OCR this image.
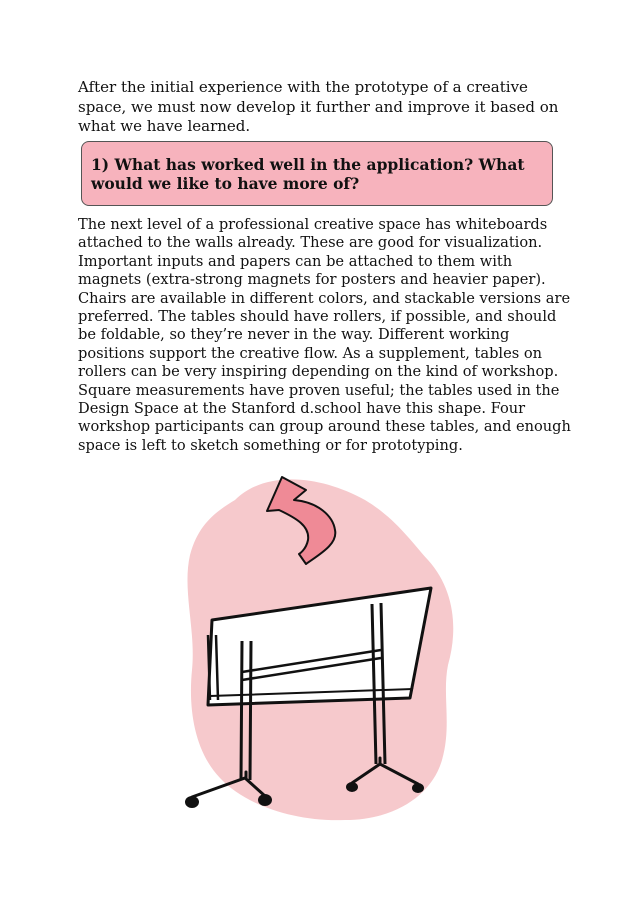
After the initial experience with the prototype of a creative space, we must now develop it further and improve it based on what we have learned.

1) What has worked well in the application? What would we like to have more of?

The next level of a professional creative space has whiteboards attached to the walls already. These are good for visualization. Important inputs and papers can be attached to them with magnets (extra-strong magnets for posters and heavier paper). Chairs are available in different colors, and stackable versions are preferred. The tables should have rollers, if possible, and should be foldable, so they’re never in the way. Different working positions support the creative flow. As a supplement, tables on rollers can be very inspiring depending on the kind of workshop. Square measurements have proven useful; the tables used in the Design Space at the Stanford d.school have this shape. Four workshop participants can group around these tables, and enough space is left to sketch something or for prototyping.
